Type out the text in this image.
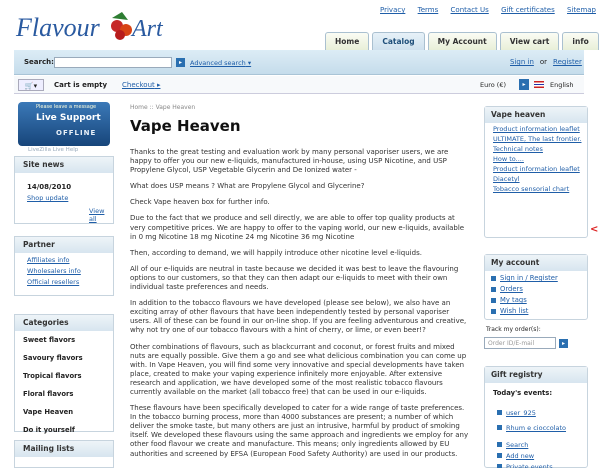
Flavour Art
Privacy Terms Contact Us Gift certificates Sitemap
Home	Catalog	My Account	View cart	info
Search:	▸	Advanced search ▾	Sign in or Register
🛒▾	Cart is empty Checkout ▸	Euro (€)	▸	English
Please leave a message
Live Support
OFFLINE
LiveZilla Live Help
Site news
14/08/2010
Shop update
View all
Partner
Affiliates info
Wholesalers info
Official resellers
Categories
Sweet flavors
Savoury flavors
Tropical flavors
Floral flavors
Vape Heaven
Do it yourself
Mailing lists
Home :: Vape Heaven
Vape Heaven

Thanks to the great testing and evaluation work by many personal vaporiser users, we are happy to offer you our new e-liquids, manufactured in-house, using USP Nicotine, and USP Propylene Glycol, USP Vegetable Glycerin and De Ionized water -

What does USP means ? What are Propylene Glycol and Glycerine?

Check Vape heaven box for further info.

Due to the fact that we produce and sell directly, we are able to offer top quality products at very competitive prices. We are happy to offer to the vaping world, our new e-liquids, available in 0 mg Nicotine 18 mg Nicotine 24 mg Nicotine 36 mg Nicotine

Then, according to demand, we will happily introduce other nicotine level e-liquids.

All of our e-liquids are neutral in taste because we decided it was best to leave the flavouring options to our customers, so that they can then adapt our e-liquids to meet with their own individual taste preferences and needs.

In addition to the tobacco flavours we have developed (please see below), we also have an exciting array of other flavours that have been independently tested by personal vaporiser users. All of these can be found in our on-line shop. If you are feeling adventurous and creative, why not try one of our tobacco flavours with a hint of cherry, or lime, or even beer!?

Other combinations of flavours, such as blackcurrant and coconut, or forest fruits and mixed nuts are equally possible. Give them a go and see what delicious combination you can come up with. In Vape Heaven, you will find some very innovative and special developments have taken place, created to make your vaping experience infinitely more enjoyable. After extensive research and application, we have developed some of the most realistic tobacco flavours currently available on the market (all tobacco free) that can be used in our e-liquids.

These flavours have been specifically developed to cater for a wide range of taste preferences. In the tobacco burning process, more than 4000 substances are present; a number of which deliver the smoke taste, but many others are just an intrusive, harmful by product of smoking itself. We developed these flavours using the same approach and ingredients we employ for any other food flavour we create and manufacture. This means; only ingredients allowed by EU authorities and screened by EFSA (European Food Safety Authority) are used in our products.

Vape heaven
Product information leaflet
ULTIMATE, The last frontier.
Technical notes
How to....
Product information leaflet
Diacetyl
Tobacco sensorial chart
<
My account
Sign in / Register
Orders
My tags
Wish list
Track my order(s):
Order ID/E-mail	▸
Gift registry
Today's events:
user_925
Rhum e cioccolato
Search
Add new
Private events
